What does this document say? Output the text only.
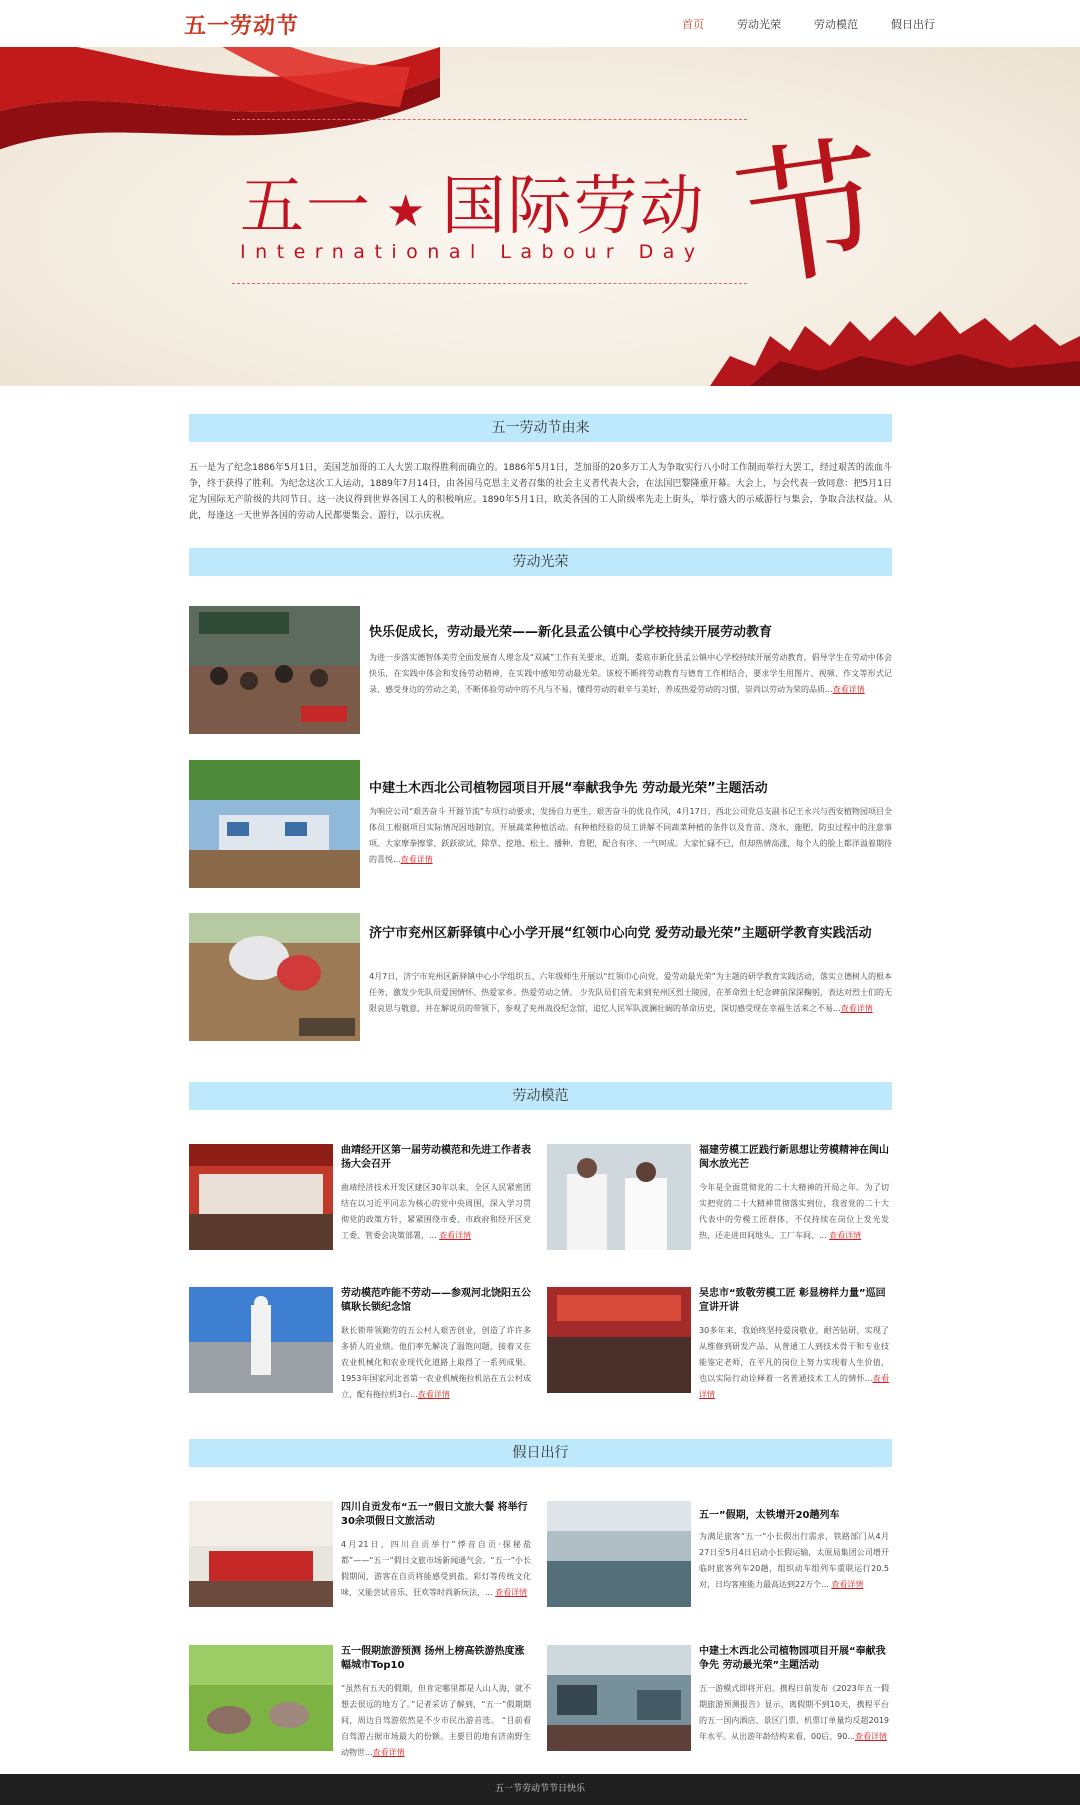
五一劳动节	首页	劳动光荣	劳动模范	假日出行
五一 ★ 国际劳动
International Labour Day 节
五一劳动节由来

五一是为了纪念1886年5月1日，美国芝加哥的工人大罢工取得胜利而确立的。1886年5月1日，芝加哥的20多万工人为争取实行八小时工作制而举行大罢工，经过艰苦的流血斗争，终于获得了胜利。为纪念这次工人运动，1889年7月14日，由各国马克思主义者召集的社会主义者代表大会，在法国巴黎隆重开幕。大会上，与会代表一致同意：把5月1日定为国际无产阶级的共同节日。这一决议得到世界各国工人的积极响应。1890年5月1日，欧美各国的工人阶级率先走上街头，举行盛大的示威游行与集会，争取合法权益。从此，每逢这一天世界各国的劳动人民都要集会、游行，以示庆祝。

劳动光荣
快乐促成长，劳动最光荣——新化县孟公镇中心学校持续开展劳动教育
为进一步落实德智体美劳全面发展育人理念及“双减”工作有关要求，近期，娄底市新化县孟公镇中心学校持续开展劳动教育，倡导学生在劳动中体会快乐，在实践中体会和发扬劳动精神，在实践中感知劳动最光荣。该校不断将劳动教育与德育工作相结合，要求学生用图片、视频、作文等形式记录、感受身边的劳动之美，不断体验劳动中的不凡与不易，懂得劳动的艰辛与美好，养成热爱劳动的习惯，崇尚以劳动为荣的品质...查看详情
中建土木西北公司植物园项目开展“奉献我争先 劳动最光荣”主题活动
为响应公司“艰苦奋斗 开源节流”专项行动要求，发扬自力更生、艰苦奋斗的优良作风，4月17日，西北公司党总支副书记王永兴与西安植物园项目全体员工根据项目实际情况因地制宜，开展蔬菜种植活动。有种植经验的员工讲解不同蔬菜种植的条件以及育苗、浇水、施肥、防虫过程中的注意事项。大家摩拳擦掌、跃跃欲试，除草、挖地、松土、播种、育肥，配合有序、一气呵成。大家忙碌不已，但却热情高涨，每个人的脸上都洋溢着期待的喜悦...查看详情
济宁市兖州区新驿镇中心小学开展“红领巾心向党 爱劳动最光荣”主题研学教育实践活动
4月7日，济宁市兖州区新驿镇中心小学组织五、六年级师生开展以“红领巾心向党，爱劳动最光荣”为主题的研学教育实践活动，落实立德树人的根本任务，激发少先队员爱国情怀、热爱家乡、热爱劳动之情。 少先队员们首先来到兖州区烈士陵园，在革命烈士纪念碑前深深鞠躬，表达对烈士们的无限哀思与敬意，并在解说员的带领下，参观了兖州战役纪念馆，追忆人民军队波澜壮阔的革命历史，深切感受现在幸福生活来之不易...查看详情
劳动模范
曲靖经开区第一届劳动模范和先进工作者表扬大会召开
曲靖经济技术开发区建区30年以来，全区人民紧密团结在以习近平同志为核心的党中央周围，深入学习贯彻党的政策方针，紧紧围绕市委、市政府和经开区党工委、管委会决策部署，... 查看详情
福建劳模工匠践行新思想让劳模精神在闽山闽水放光芒
今年是全面贯彻党的二十大精神的开局之年。为了切实把党的二十大精神贯彻落实到位，我省党的二十大代表中的劳模工匠群体，不仅持续在岗位上发光发热，还走进田间地头、工厂车间、... 查看详情
劳动模范咋能不劳动——参观河北饶阳五公镇耿长锁纪念馆
耿长锁带领勤劳的五公村人艰苦创业，创造了许许多多骄人的业绩。他们率先解决了温饱问题，接着又在农业机械化和农业现代化道路上取得了一系列成果。1953年国家河北省第一农业机械拖拉机站在五公村成立，配有拖拉机3台...查看详情
吴忠市“致敬劳模工匠 彰显榜样力量”巡回宣讲开讲
30多年来，我始终坚持爱岗敬业，耐苦钻研，实现了从维修到研发产品、从普通工人到技术骨干和专业技能鉴定老师，在平凡的岗位上努力实现着人生价值，也以实际行动诠释着一名普通技术工人的情怀...查看详情
假日出行
四川自贡发布“五一”假日文旅大餐 将举行30余项假日文旅活动
4月21日，四川自贡举行“悸音自贡·探秘盐都”——“五一”假日文旅市场新闻通气会。“五一”小长假期间，游客在自贡将能感受到盐、彩灯等传统文化味，又能尝试音乐、狂欢等时尚新玩法，... 查看详情
五一”假期，太铁增开20趟列车
为满足旅客“五一”小长假出行需求，铁路部门从4月27日至5月4日启动小长假运输，太原局集团公司增开临时旅客列车20趟，组织动车组列车重联运行20.5对，日均客座能力最高达到22万个... 查看详情
五一假期旅游预测 扬州上榜高铁游热度涨幅城市Top10
“虽然有五天的假期，但肯定哪里都是人山人海，就不想去很远的地方了。”记者采访了解到，“五一”假期期间，周边自驾游依然是不少市民出游首选。 “目前看自驾游占据市场最大的份额。主要目的地有济南野生动物世...查看详情
中建土木西北公司植物园项目开展“奉献我争先 劳动最光荣”主题活动
五一游模式即将开启。携程日前发布《2023年五一假期旅游预测报告》显示，离假期不到10天，携程平台的五一国内酒店、景区门票、机票订单量均反超2019年水平。从出游年龄结构来看，00后、90...查看详情
五一节劳动节节日快乐
